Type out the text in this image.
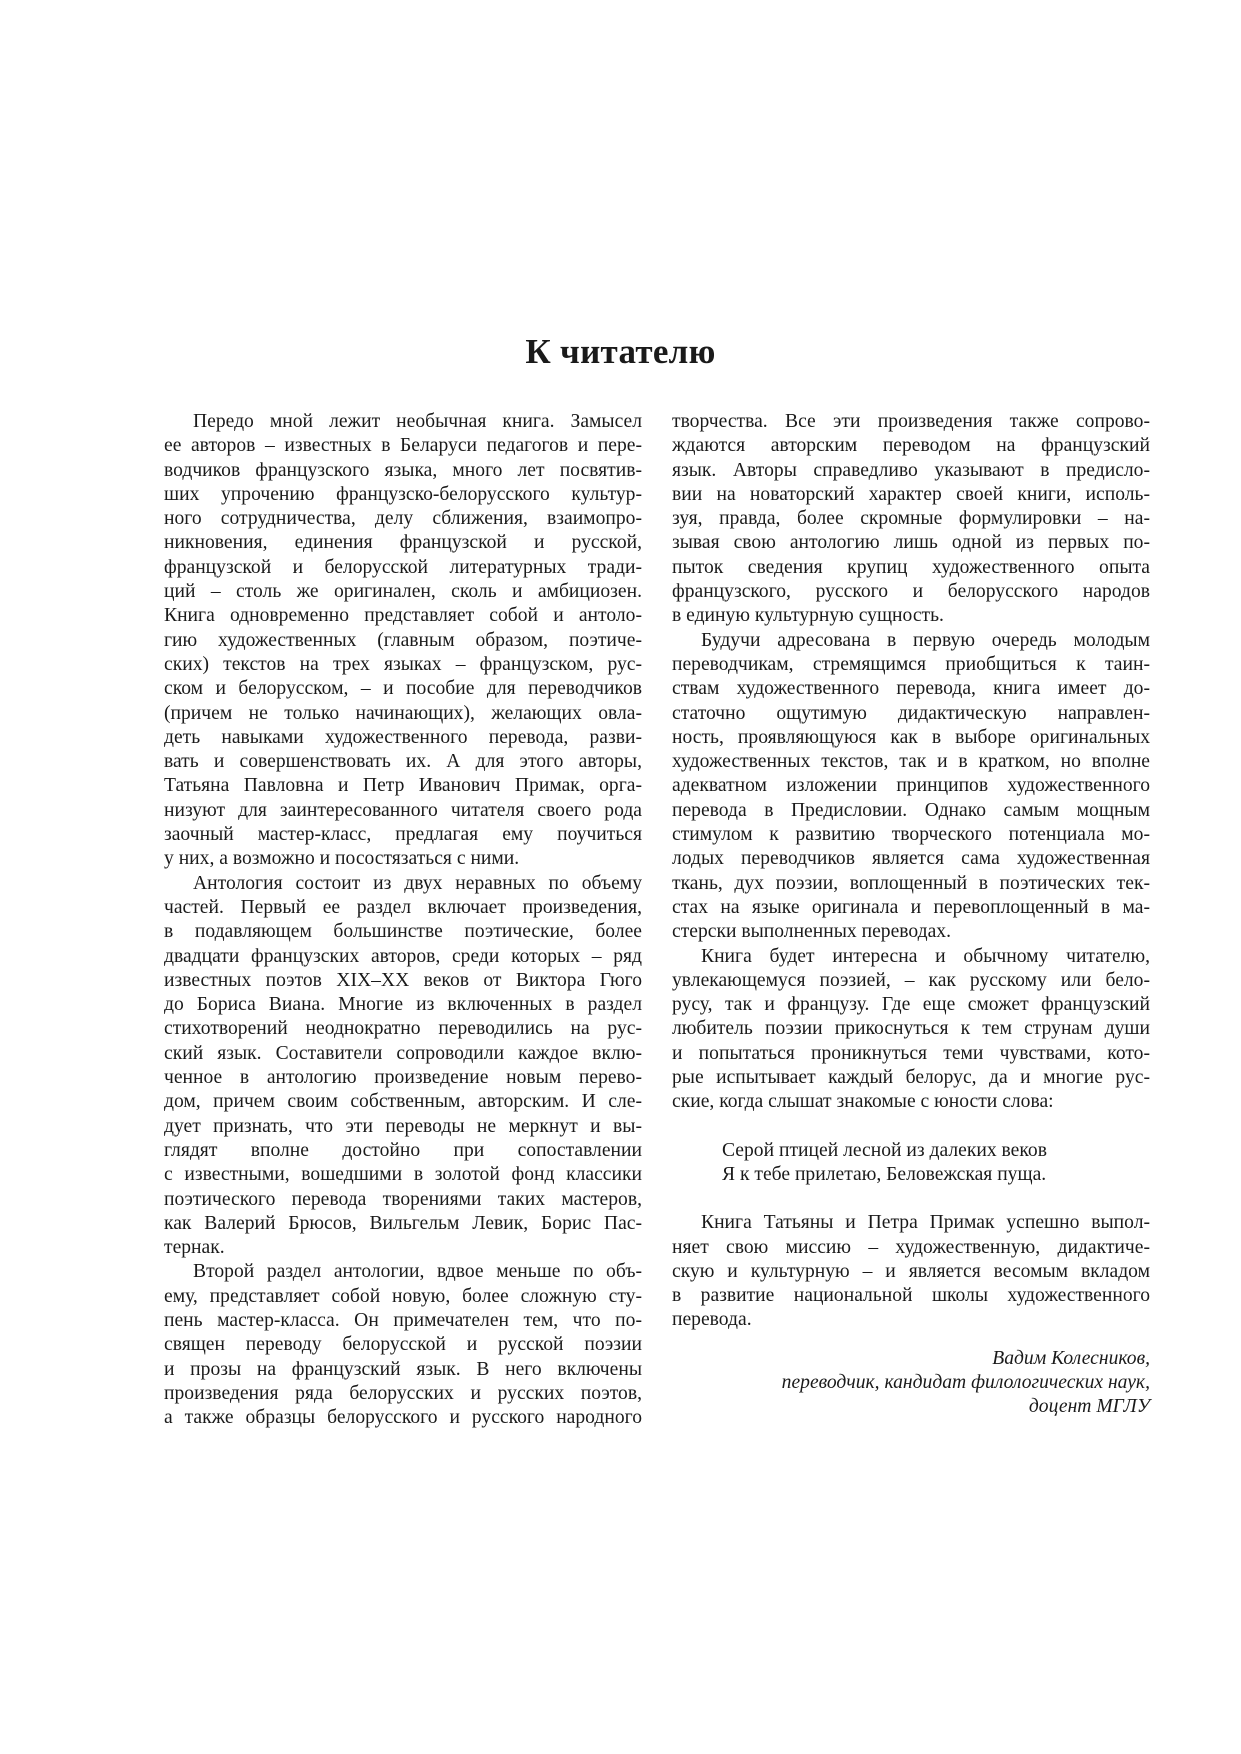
К читателю
Передо мной лежит необычная книга. Замысел
ее авторов – известных в Беларуси педагогов и пере-
водчиков французского языка, много лет посвятив-
ших упрочению французско-белорусского культур-
ного сотрудничества, делу сближения, взаимопро-
никновения, единения французской и русской,
французской и белорусской литературных тради-
ций – столь же оригинален, сколь и амбициозен.
Книга одновременно представляет собой и антоло-
гию художественных (главным образом, поэтиче-
ских) текстов на трех языках – французском, рус-
ском и белорусском, – и пособие для переводчиков
(причем не только начинающих), желающих овла-
деть навыками художественного перевода, разви-
вать и совершенствовать их. А для этого авторы,
Татьяна Павловна и Петр Иванович Примак, орга-
низуют для заинтересованного читателя своего рода
заочный мастер-класс, предлагая ему поучиться
у них, а возможно и посостязаться с ними.
Антология состоит из двух неравных по объему
частей. Первый ее раздел включает произведения,
в подавляющем большинстве поэтические, более
двадцати французских авторов, среди которых – ряд
известных поэтов XIX–XX веков от Виктора Гюго
до Бориса Виана. Многие из включенных в раздел
стихотворений неоднократно переводились на рус-
ский язык. Составители сопроводили каждое вклю-
ченное в антологию произведение новым перево-
дом, причем своим собственным, авторским. И сле-
дует признать, что эти переводы не меркнут и вы-
глядят вполне достойно при сопоставлении
с известными, вошедшими в золотой фонд классики
поэтического перевода творениями таких мастеров,
как Валерий Брюсов, Вильгельм Левик, Борис Пас-
тернак.
Второй раздел антологии, вдвое меньше по объ-
ему, представляет собой новую, более сложную сту-
пень мастер-класса. Он примечателен тем, что по-
священ переводу белорусской и русской поэзии
и прозы на французский язык. В него включены
произведения ряда белорусских и русских поэтов,
а также образцы белорусского и русского народного
творчества. Все эти произведения также сопрово-
ждаются авторским переводом на французский
язык. Авторы справедливо указывают в предисло-
вии на новаторский характер своей книги, исполь-
зуя, правда, более скромные формулировки – на-
зывая свою антологию лишь одной из первых по-
пыток сведения крупиц художественного опыта
французского, русского и белорусского народов
в единую культурную сущность.
Будучи адресована в первую очередь молодым
переводчикам, стремящимся приобщиться к таин-
ствам художественного перевода, книга имеет до-
статочно ощутимую дидактическую направлен-
ность, проявляющуюся как в выборе оригинальных
художественных текстов, так и в кратком, но вполне
адекватном изложении принципов художественного
перевода в Предисловии. Однако самым мощным
стимулом к развитию творческого потенциала мо-
лодых переводчиков является сама художественная
ткань, дух поэзии, воплощенный в поэтических тек-
стах на языке оригинала и перевоплощенный в ма-
стерски выполненных переводах.
Книга будет интересна и обычному читателю,
увлекающемуся поэзией, – как русскому или бело-
русу, так и французу. Где еще сможет французский
любитель поэзии прикоснуться к тем струнам души
и попытаться проникнуться теми чувствами, кото-
рые испытывает каждый белорус, да и многие рус-
ские, когда слышат знакомые с юности слова:
Серой птицей лесной из далеких веков
Я к тебе прилетаю, Беловежская пуща.
Книга Татьяны и Петра Примак успешно выпол-
няет свою миссию – художественную, дидактиче-
скую и культурную – и является весомым вкладом
в развитие национальной школы художественного
перевода.
Вадим Колесников,
переводчик, кандидат филологических наук,
доцент МГЛУ
